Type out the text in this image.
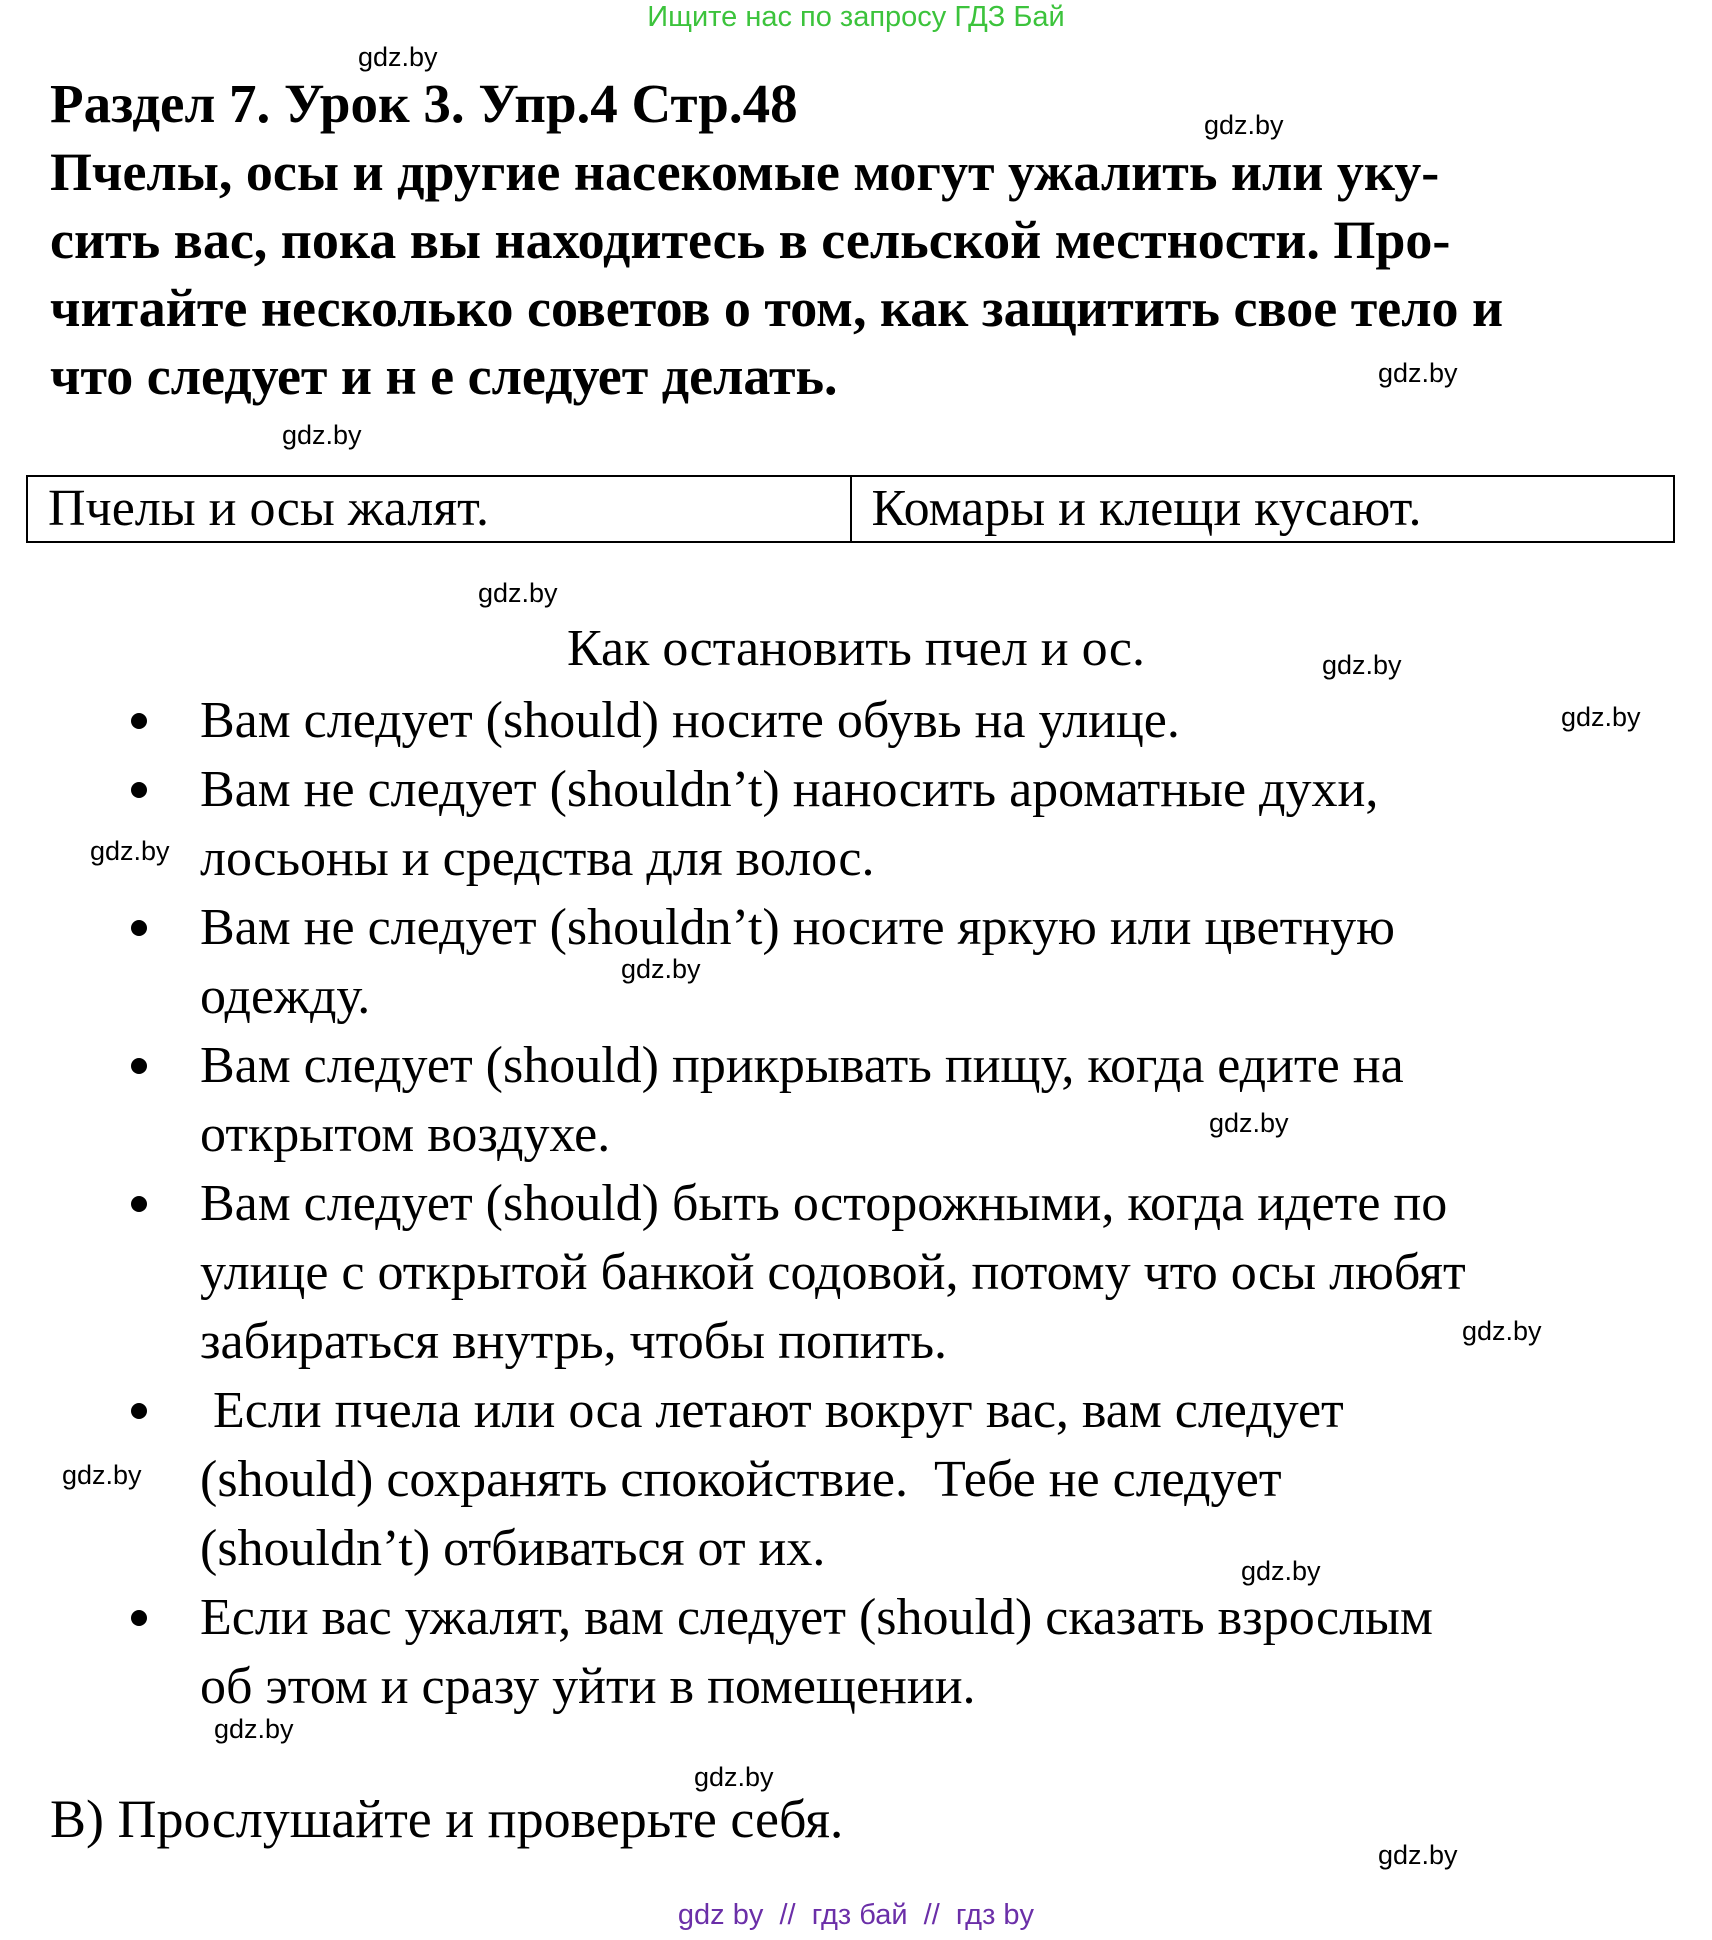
Ищите нас по запросу ГДЗ Бай
gdz.by
gdz.by
gdz.by
gdz.by
gdz.by
gdz.by
gdz.by
gdz.by
gdz.by
gdz.by
gdz.by
gdz.by
gdz.by
gdz.by
gdz.by
gdz.by
Раздел 7. Урок 3. Упр.4 Стр.48
Пчелы, осы и другие насекомые могут ужалить или уку-
сить вас, пока вы находитесь в сельской местности. Про-
читайте несколько советов о том, как защитить свое тело и
что следует и н е следует делать.
Пчелы и осы жалят.	Комары и клещи кусают.
Как остановить пчел и ос.
Вам следует (should) носите обувь на улице.
Вам не следует (shouldn’t) наносить ароматные духи,
лосьоны и средства для волос.
Вам не следует (shouldn’t) носите яркую или цветную
одежду.
Вам следует (should) прикрывать пищу, когда едите на
открытом воздухе.
Вам следует (should) быть осторожными, когда идете по
улице с открытой банкой содовой, потому что осы любят
забираться внутрь, чтобы попить.
Если пчела или оса летают вокруг вас, вам следует
(should) сохранять спокойствие.  Тебе не следует
(shouldn’t) отбиваться от их.
Если вас ужалят, вам следует (should) сказать взрослым
об этом и сразу уйти в помещении.
В) Прослушайте и проверьте себя.
gdz by  //  гдз бай  //  гдз by
